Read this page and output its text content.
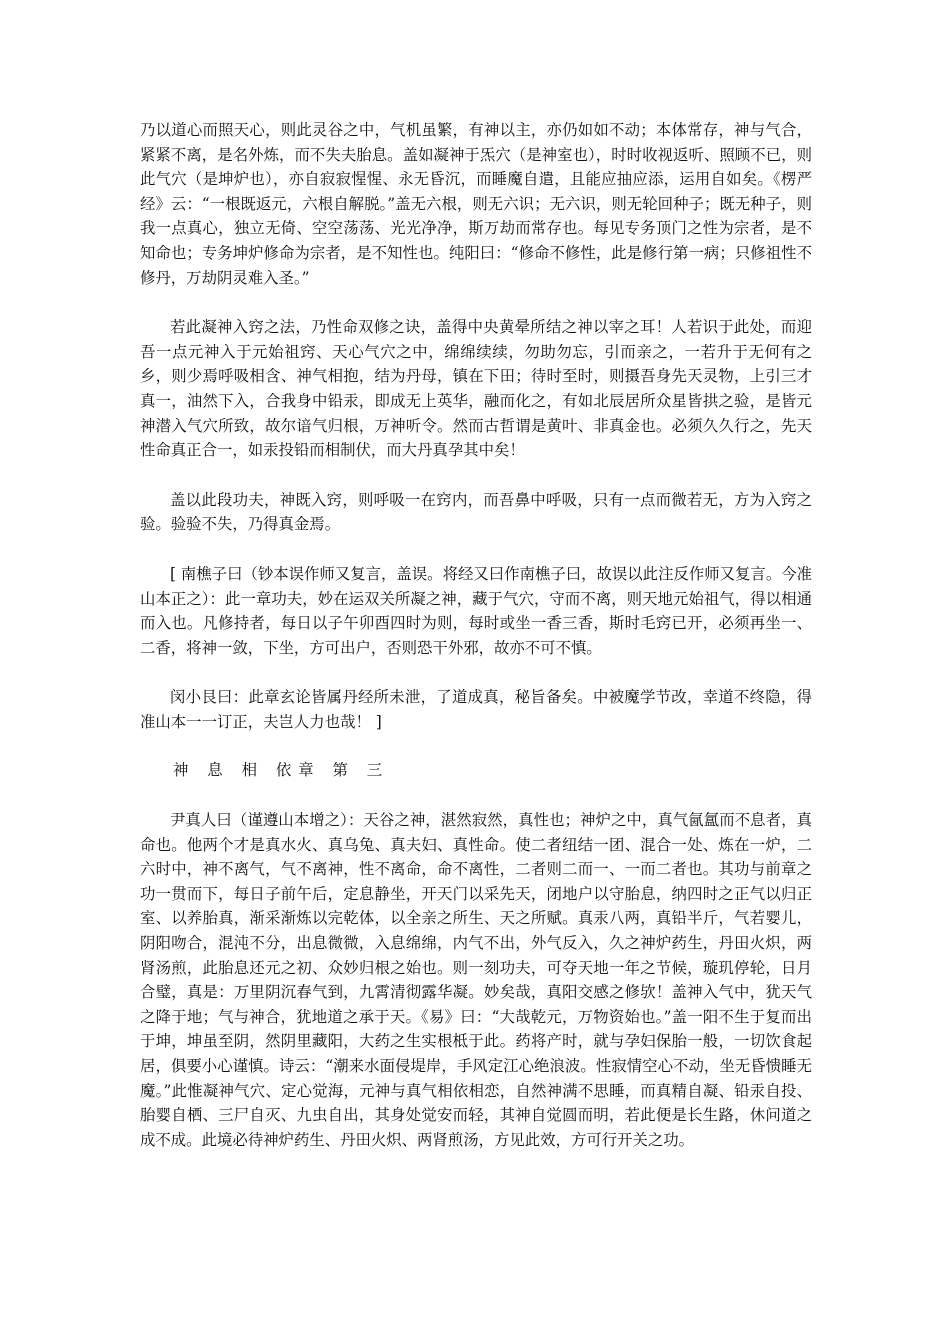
乃以道心而照天心，则此灵谷之中，气机虽繁，有神以主，亦仍如如不动；本体常存，神与气合，紧紧不离，是名外炼，而不失夫胎息。盖如凝神于炁穴（是神室也），时时收视返听、照顾不已，则此气穴（是坤炉也），亦自寂寂惺惺、永无昏沉，而睡魔自遣，且能应抽应添，运用自如矣。《楞严经》云：“一根既返元，六根自解脱。”盖无六根，则无六识；无六识，则无轮回种子；既无种子，则我一点真心，独立无倚、空空荡荡、光光净净，斯万劫而常存也。每见专务顶门之性为宗者，是不知命也；专务坤炉修命为宗者，是不知性也。纯阳曰：“修命不修性，此是修行第一病；只修祖性不修丹，万劫阴灵难入圣。”

若此凝神入窍之法，乃性命双修之诀，盖得中央黄晕所结之神以宰之耳！人若识于此处，而迎吾一点元神入于元始祖窍、天心气穴之中，绵绵续续，勿助勿忘，引而亲之，一若升于无何有之乡，则少焉呼吸相含、神气相抱，结为丹母，镇在下田；待时至时，则摄吾身先天灵物，上引三才真一，油然下入，合我身中铅汞，即成无上英华，融而化之，有如北辰居所众星皆拱之验，是皆元神潜入气穴所致，故尔谙气归根，万神听令。然而古哲谓是黄叶、非真金也。必须久久行之，先天性命真正合一，如汞投铅而相制伏，而大丹真孕其中矣！

盖以此段功夫，神既入窍，则呼吸一在窍内，而吾鼻中呼吸，只有一点而微若无，方为入窍之验。验验不失，乃得真金焉。

[ 南樵子曰（钞本误作师又复言，盖误。将经又曰作南樵子曰，故误以此注反作师又复言。今准山本正之）：此一章功夫，妙在运双关所凝之神，藏于气穴，守而不离，则天地元始祖气，得以相通而入也。凡修持者，每日以子午卯酉四时为则，每时或坐一香三香，斯时毛窍已开，必须再坐一、二香，将神一敛，下坐，方可出户，否则恐干外邪，故亦不可不慎。

闵小艮曰：此章玄论皆属丹经所未泄，了道成真，秘旨备矣。中被魔学节改，幸道不终隐，得准山本一一订正，夫岂人力也哉！ ]

神 息 相 依章 第 三

尹真人曰（谨遵山本增之）：天谷之神，湛然寂然，真性也；神炉之中，真气氤氲而不息者，真命也。他两个才是真水火、真乌兔、真夫妇、真性命。使二者纽结一团、混合一处、炼在一炉，二六时中，神不离气，气不离神，性不离命，命不离性，二者则二而一、一而二者也。其功与前章之功一贯而下，每日子前午后，定息静坐，开天门以采先天，闭地户以守胎息，纳四时之正气以归正室、以养胎真，渐采渐炼以完乾体，以全亲之所生、天之所赋。真汞八两，真铅半斤，气若婴儿，阴阳吻合，混沌不分，出息微微，入息绵绵，内气不出，外气反入，久之神炉药生，丹田火炽，两肾汤煎，此胎息还元之初、众妙归根之始也。则一刻功夫，可夺天地一年之节候，璇玑停轮，日月合璧，真是：万里阴沉春气到，九霄清彻露华凝。妙矣哉，真阳交感之修欤！盖神入气中，犹天气之降于地；气与神合，犹地道之承于天。《易》曰：“大哉乾元，万物资始也。”盖一阳不生于复而出于坤，坤虽至阴，然阴里藏阳，大药之生实根柢于此。药将产时，就与孕妇保胎一般，一切饮食起居，俱要小心谨慎。诗云：“潮来水面侵堤岸，手风定江心绝浪波。性寂情空心不动，坐无昏愦睡无魔。”此惟凝神气穴、定心觉海，元神与真气相依相恋，自然神满不思睡，而真精自凝、铅汞自投、胎婴自栖、三尸自灭、九虫自出，其身处觉安而轻，其神自觉圆而明，若此便是长生路，休问道之成不成。此境必待神炉药生、丹田火炽、两肾煎汤，方见此效，方可行开关之功。
